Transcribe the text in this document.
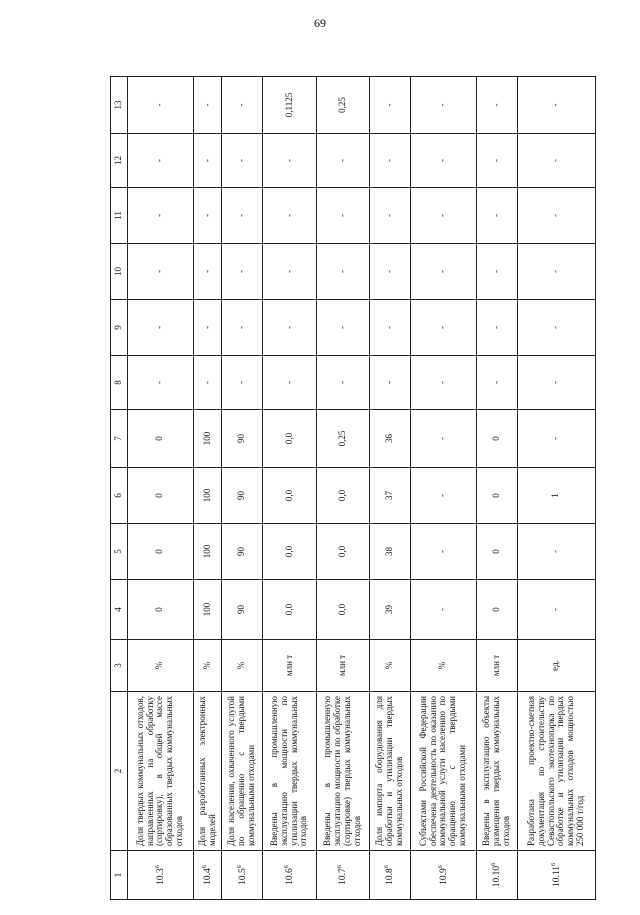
69
1	2	3	4	5	6	7	8	9	10	11	12	13
10.3$^6$	Доля твердых коммунальных отходов, направленных на обработку (сортировку), в общей массе образованных твердых коммунальных отходов	%	0	0	0	0	-	-	-	-	-	-
10.4$^6$	Доля разработанных электронных моделей	%	100	100	100	100	-	-	-	-	-	-
10.5$^6$	Доля населения, охваченного услугой по обращению с твердыми коммунальными отходами	%	90	90	90	90	-	-	-	-	-	-
10.6$^6$	Введены в промышленную эксплуатацию мощности по утилизации твердых коммунальных отходов	млн т	0,0	0,0	0,0	0,0	-	-	-	-	-	0,1125
10.7$^6$	Введены в промышленную эксплуатацию мощности по обработке (сортировке) твердых коммунальных отходов	млн т	0,0	0,0	0,0	0,25	-	-	-	-	-	0,25
10.8$^6$	Доля импорта оборудования для обработки и утилизации твердых коммунальных отходов	%	39	38	37	36	-	-	-	-	-	-
10.9$^6$	Субъектами Российской Федерации обеспечена деятельность по оказанию коммунальной услуги населению по обращению с твердыми коммунальными отходами	%	-	-	-	-	-	-	-	-	-	-
10.10$^6$	Введены в эксплуатацию объекты размещения твердых коммунальных отходов	млн т	0	0	0	0	-	-	-	-	-	-
10.11$^6$	Разработана проектно-сметная документация по строительству Севастопольского экотехнопарка по обработке и утилизации твердых коммунальных отходов мощностью 250 000 т/год	ед.	-	-	1	-	-	-	-	-	-	-
